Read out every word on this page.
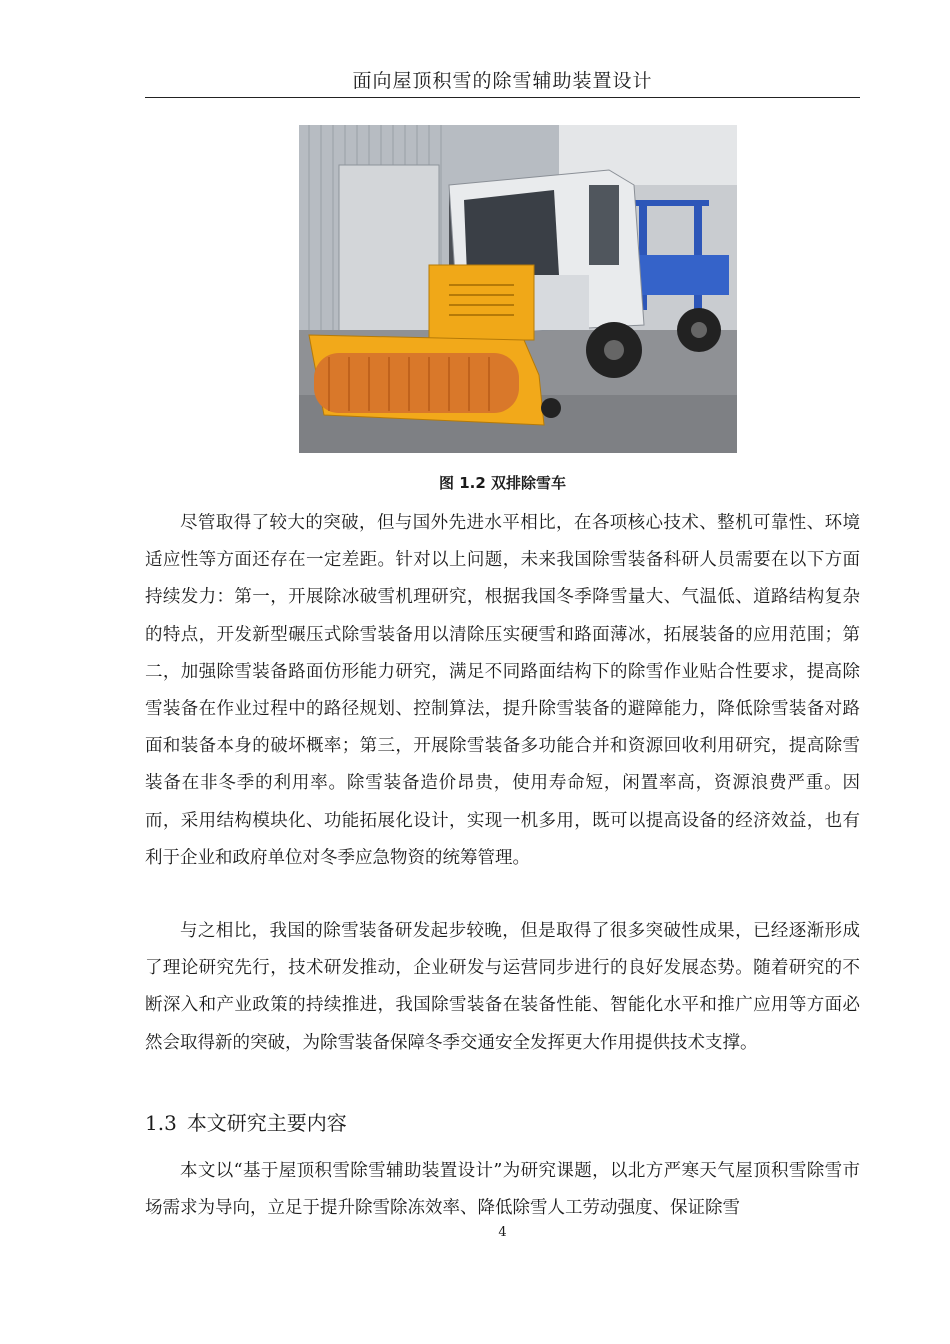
面向屋顶积雪的除雪辅助装置设计
图 1.2 双排除雪车

尽管取得了较大的突破，但与国外先进水平相比，在各项核心技术、整机可靠性、环境适应性等方面还存在一定差距。针对以上问题，未来我国除雪装备科研人员需要在以下方面持续发力：第一，开展除冰破雪机理研究，根据我国冬季降雪量大、气温低、道路结构复杂的特点，开发新型碾压式除雪装备用以清除压实硬雪和路面薄冰，拓展装备的应用范围；第二，加强除雪装备路面仿形能力研究，满足不同路面结构下的除雪作业贴合性要求，提高除雪装备在作业过程中的路径规划、控制算法，提升除雪装备的避障能力，降低除雪装备对路面和装备本身的破坏概率；第三，开展除雪装备多功能合并和资源回收利用研究，提高除雪装备在非冬季的利用率。除雪装备造价昂贵，使用寿命短，闲置率高，资源浪费严重。因而，采用结构模块化、功能拓展化设计，实现一机多用，既可以提高设备的经济效益，也有利于企业和政府单位对冬季应急物资的统筹管理。

与之相比，我国的除雪装备研发起步较晚，但是取得了很多突破性成果，已经逐渐形成了理论研究先行，技术研发推动，企业研发与运营同步进行的良好发展态势。随着研究的不断深入和产业政策的持续推进，我国除雪装备在装备性能、智能化水平和推广应用等方面必然会取得新的突破，为除雪装备保障冬季交通安全发挥更大作用提供技术支撑。

1.3 本文研究主要内容

本文以“基于屋顶积雪除雪辅助装置设计”为研究课题，以北方严寒天气屋顶积雪除雪市场需求为导向，立足于提升除雪除冻效率、降低除雪人工劳动强度、保证除雪

4
